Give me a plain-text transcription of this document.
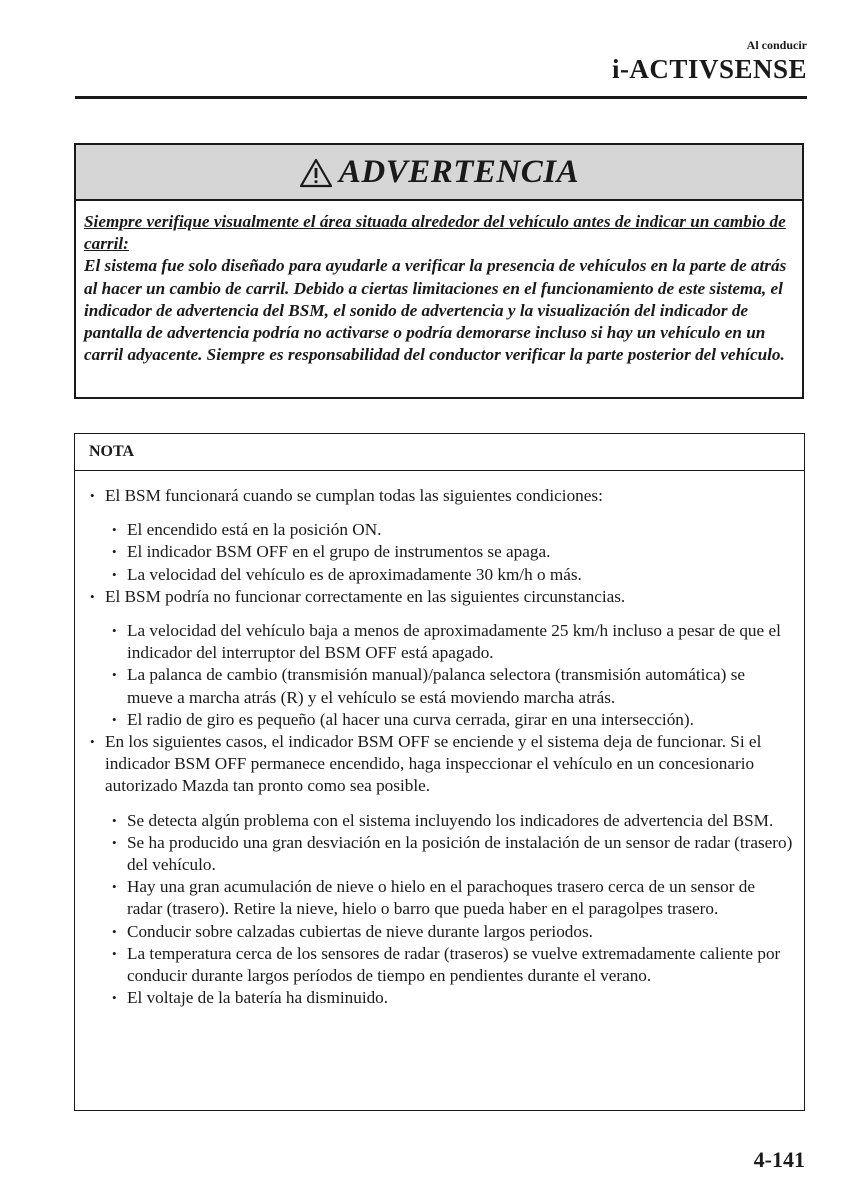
Al conducir
i-ACTIVSENSE
ADVERTENCIA
Siempre verifique visualmente el área situada alrededor del vehículo antes de indicar un cambio de carril:
El sistema fue solo diseñado para ayudarle a verificar la presencia de vehículos en la parte de atrás al hacer un cambio de carril. Debido a ciertas limitaciones en el funcionamiento de este sistema, el indicador de advertencia del BSM, el sonido de advertencia y la visualización del indicador de pantalla de advertencia podría no activarse o podría demorarse incluso si hay un vehículo en un carril adyacente. Siempre es responsabilidad del conductor verificar la parte posterior del vehículo.
NOTA
• El BSM funcionará cuando se cumplan todas las siguientes condiciones:
• El encendido está en la posición ON.
• El indicador BSM OFF en el grupo de instrumentos se apaga.
• La velocidad del vehículo es de aproximadamente 30 km/h o más.
• El BSM podría no funcionar correctamente en las siguientes circunstancias.
• La velocidad del vehículo baja a menos de aproximadamente 25 km/h incluso a pesar de que el indicador del interruptor del BSM OFF está apagado.
• La palanca de cambio (transmisión manual)/palanca selectora (transmisión automática) se mueve a marcha atrás (R) y el vehículo se está moviendo marcha atrás.
• El radio de giro es pequeño (al hacer una curva cerrada, girar en una intersección).
• En los siguientes casos, el indicador BSM OFF se enciende y el sistema deja de funcionar. Si el indicador BSM OFF permanece encendido, haga inspeccionar el vehículo en un concesionario autorizado Mazda tan pronto como sea posible.
• Se detecta algún problema con el sistema incluyendo los indicadores de advertencia del BSM.
• Se ha producido una gran desviación en la posición de instalación de un sensor de radar (trasero) del vehículo.
• Hay una gran acumulación de nieve o hielo en el parachoques trasero cerca de un sensor de radar (trasero). Retire la nieve, hielo o barro que pueda haber en el paragolpes trasero.
• Conducir sobre calzadas cubiertas de nieve durante largos periodos.
• La temperatura cerca de los sensores de radar (traseros) se vuelve extremadamente caliente por conducir durante largos períodos de tiempo en pendientes durante el verano.
• El voltaje de la batería ha disminuido.
4-141
